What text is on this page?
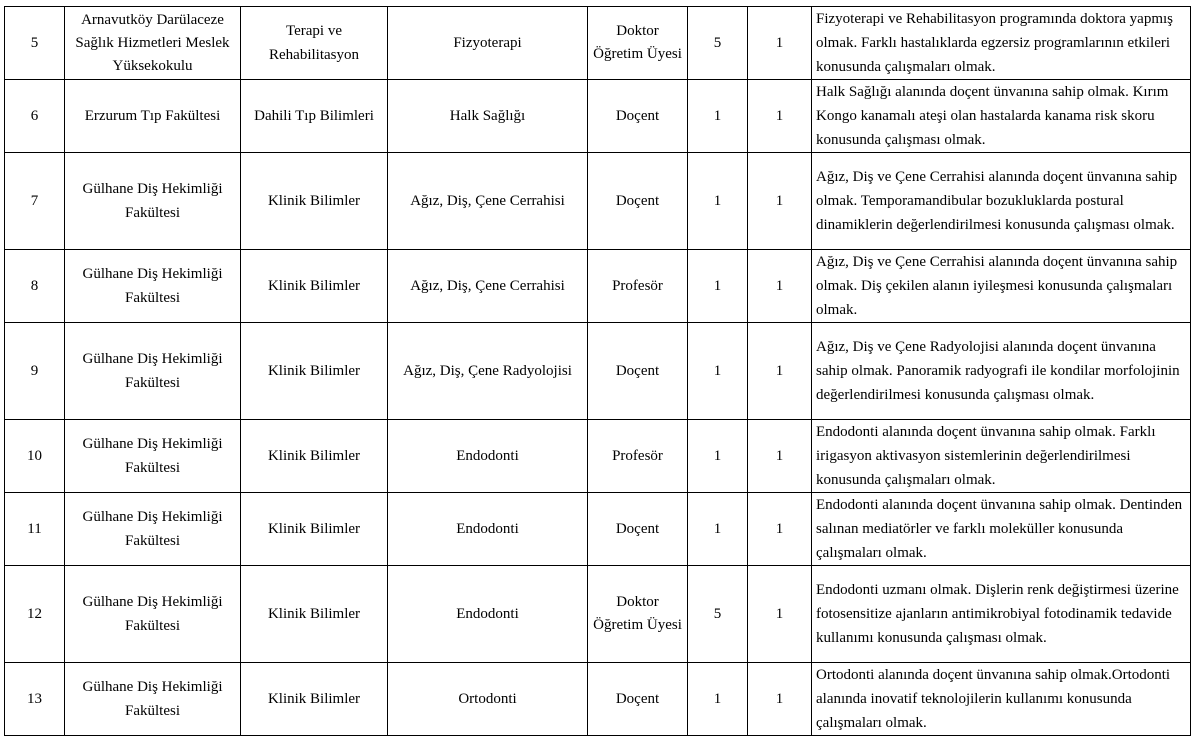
5	Arnavutköy Darülaceze Sağlık Hizmetleri Meslek Yüksekokulu	Terapi ve Rehabilitasyon	Fizyoterapi	Doktor Öğretim Üyesi	5	1	Fizyoterapi ve Rehabilitasyon programında doktora yapmış olmak. Farklı hastalıklarda egzersiz programlarının etkileri konusunda çalışmaları olmak.
6	Erzurum Tıp Fakültesi	Dahili Tıp Bilimleri	Halk Sağlığı	Doçent	1	1	Halk Sağlığı alanında doçent ünvanına sahip olmak. Kırım Kongo kanamalı ateşi olan hastalarda kanama risk skoru konusunda çalışması olmak.
7	Gülhane Diş Hekimliği Fakültesi	Klinik Bilimler	Ağız, Diş, Çene Cerrahisi	Doçent	1	1	Ağız, Diş ve Çene Cerrahisi alanında doçent ünvanına sahip olmak. Temporamandibular bozukluklarda postural dinamiklerin değerlendirilmesi konusunda çalışması olmak.
8	Gülhane Diş Hekimliği Fakültesi	Klinik Bilimler	Ağız, Diş, Çene Cerrahisi	Profesör	1	1	Ağız, Diş ve Çene Cerrahisi alanında doçent ünvanına sahip olmak. Diş çekilen alanın iyileşmesi konusunda çalışmaları olmak.
9	Gülhane Diş Hekimliği Fakültesi	Klinik Bilimler	Ağız, Diş, Çene Radyolojisi	Doçent	1	1	Ağız, Diş ve Çene Radyolojisi alanında doçent ünvanına sahip olmak. Panoramik radyografi ile kondilar morfolojinin değerlendirilmesi konusunda çalışması olmak.
10	Gülhane Diş Hekimliği Fakültesi	Klinik Bilimler	Endodonti	Profesör	1	1	Endodonti alanında doçent ünvanına sahip olmak. Farklı irigasyon aktivasyon sistemlerinin değerlendirilmesi konusunda çalışmaları olmak.
11	Gülhane Diş Hekimliği Fakültesi	Klinik Bilimler	Endodonti	Doçent	1	1	Endodonti alanında doçent ünvanına sahip olmak. Dentinden salınan mediatörler ve farklı moleküller konusunda çalışmaları olmak.
12	Gülhane Diş Hekimliği Fakültesi	Klinik Bilimler	Endodonti	Doktor Öğretim Üyesi	5	1	Endodonti uzmanı olmak. Dişlerin renk değiştirmesi üzerine fotosensitize ajanların antimikrobiyal fotodinamik tedavide kullanımı konusunda çalışması olmak.
13	Gülhane Diş Hekimliği Fakültesi	Klinik Bilimler	Ortodonti	Doçent	1	1	Ortodonti alanında doçent ünvanına sahip olmak.Ortodonti alanında inovatif teknolojilerin kullanımı konusunda çalışmaları olmak.
